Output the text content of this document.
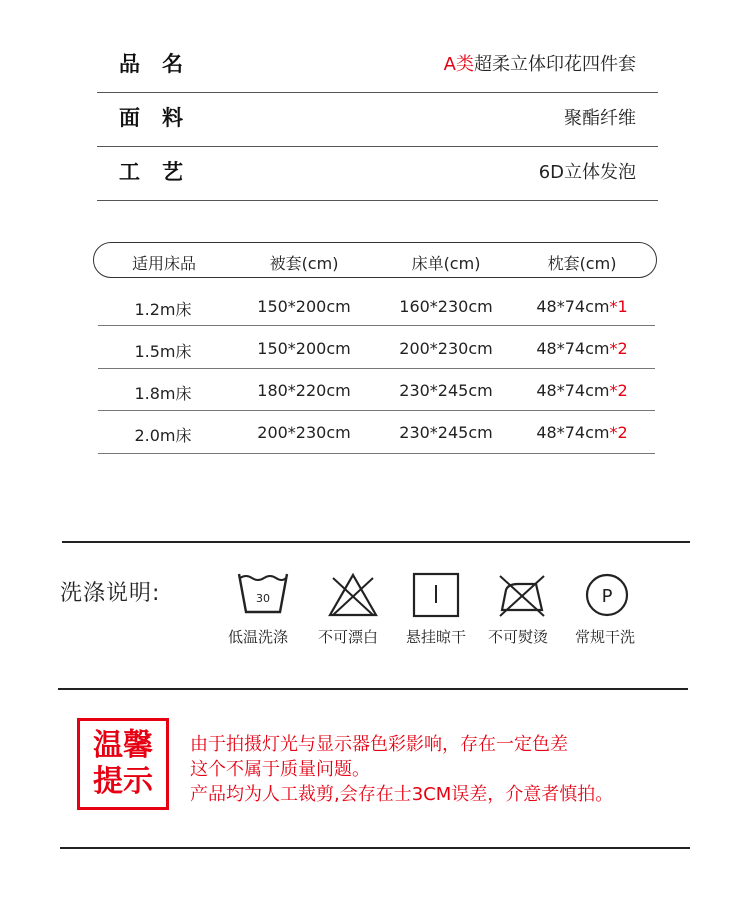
品名	A类超柔立体印花四件套
面料	聚酯纤维
工艺	6D立体发泡
适用床品	被套(cm)	床单(cm)	枕套(cm)
1.2m床	150*200cm	160*230cm	48*74cm*1
1.5m床	150*200cm	200*230cm	48*74cm*2
1.8m床	180*220cm	230*245cm	48*74cm*2
2.0m床	200*230cm	230*245cm	48*74cm*2
洗涤说明:	30
低温洗涤	不可漂白	悬挂晾干	不可熨烫
P
常规干洗
温馨
提示
由于拍摄灯光与显示器色彩影响，存在一定色差
这个不属于质量问题。
产品均为人工裁剪,会存在士3CM误差，介意者慎拍。
